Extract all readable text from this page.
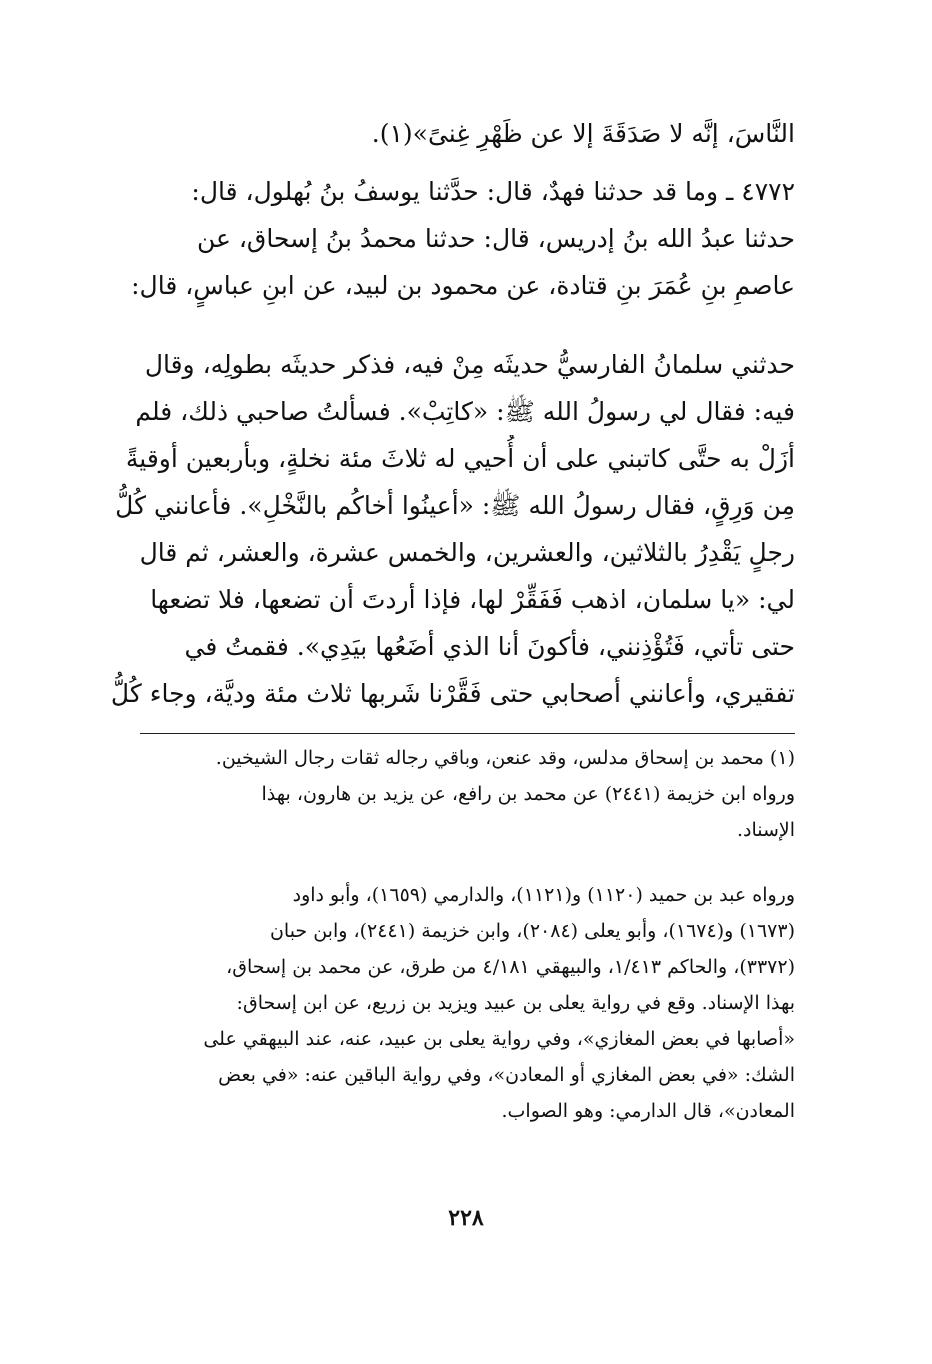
النَّاسَ، إنَّه لا صَدَقَةَ إلا عن ظَهْرِ غِنىً»(١).
٤٧٧٢ ـ وما قد حدثنا فهدٌ، قال: حدَّثنا يوسفُ بنُ بُهلول، قال:
حدثنا عبدُ الله بنُ إدريس، قال: حدثنا محمدُ بنُ إسحاق، عن
عاصمِ بنِ عُمَرَ بنِ قتادة، عن محمود بن لبيد، عن ابنِ عباسٍ، قال:
حدثني سلمانُ الفارسيُّ حديثَه مِنْ فيه، فذكر حديثَه بطولِه، وقال
فيه: فقال لي رسولُ الله ﷺ: «كاتِبْ». فسألتُ صاحبي ذلك، فلم
أزَلْ به حتَّى كاتبني على أن أُحيي له ثلاثَ مئة نخلةٍ، وبأربعين أوقيةً
مِن وَرِقٍ، فقال رسولُ الله ﷺ: «أعينُوا أخاكُم بالنَّخْلِ». فأعانني كُلُّ
رجلٍ يَقْدِرُ بالثلاثين، والعشرين، والخمس عشرة، والعشر، ثم قال
لي: «يا سلمان، اذهب فَفَقِّرْ لها، فإذا أردتَ أن تضعها، فلا تضعها
حتى تأتي، فَتُؤْذِنني، فأكونَ أنا الذي أضَعُها بيَدِي». فقمتُ في
تفقيري، وأعانني أصحابي حتى فَقَّرْنا شَربها ثلاث مئة وديَّة، وجاء كُلُّ
(١) محمد بن إسحاق مدلس، وقد عنعن، وباقي رجاله ثقات رجال الشيخين.
ورواه ابن خزيمة (٢٤٤١) عن محمد بن رافع، عن يزيد بن هارون، بهذا
الإسناد.
ورواه عبد بن حميد (١١٢٠) و(١١٢١)، والدارمي (١٦٥٩)، وأبو داود
(١٦٧٣) و(١٦٧٤)، وأبو يعلى (٢٠٨٤)، وابن خزيمة (٢٤٤١)، وابن حبان
(٣٣٧٢)، والحاكم ١/٤١٣، والبيهقي ٤/١٨١ من طرق، عن محمد بن إسحاق،
بهذا الإسناد. وقع في رواية يعلى بن عبيد ويزيد بن زريع، عن ابن إسحاق:
«أصابها في بعض المغازي»، وفي رواية يعلى بن عبيد، عنه، عند البيهقي على
الشك: «في بعض المغازي أو المعادن»، وفي رواية الباقين عنه: «في بعض
المعادن»، قال الدارمي: وهو الصواب.
٢٢٨
